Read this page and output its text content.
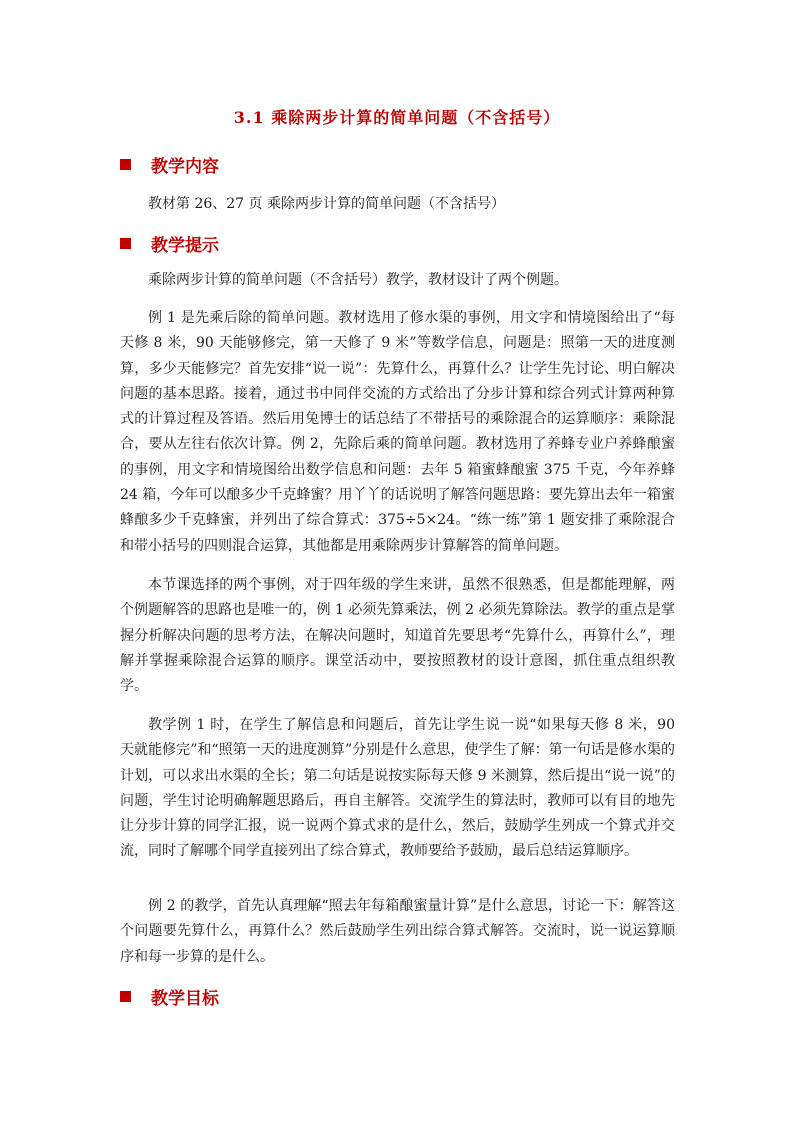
3.1 乘除两步计算的简单问题（不含括号）
教学内容
教材第 26、27 页 乘除两步计算的简单问题（不含括号）
教学提示
乘除两步计算的简单问题（不含括号）教学，教材设计了两个例题。
例 1 是先乘后除的简单问题。教材选用了修水渠的事例，用文字和情境图给出了“每天修 8 米，90 天能够修完，第一天修了 9 米”等数学信息，问题是：照第一天的进度测算，多少天能修完？首先安排“说一说”：先算什么，再算什么？让学生先讨论、明白解决问题的基本思路。接着，通过书中同伴交流的方式给出了分步计算和综合列式计算两种算式的计算过程及答语。然后用兔博士的话总结了不带括号的乘除混合的运算顺序：乘除混合，要从左往右依次计算。例 2，先除后乘的简单问题。教材选用了养蜂专业户养蜂酿蜜的事例，用文字和情境图给出数学信息和问题：去年 5 箱蜜蜂酿蜜 375 千克，今年养蜂 24 箱，今年可以酿多少千克蜂蜜？用丫丫的话说明了解答问题思路：要先算出去年一箱蜜蜂酿多少千克蜂蜜，并列出了综合算式：375÷5×24。“练一练”第 1 题安排了乘除混合和带小括号的四则混合运算，其他都是用乘除两步计算解答的简单问题。
本节课选择的两个事例，对于四年级的学生来讲，虽然不很熟悉，但是都能理解，两个例题解答的思路也是唯一的，例 1 必须先算乘法，例 2 必须先算除法。教学的重点是掌握分析解决问题的思考方法，在解决问题时，知道首先要思考“先算什么，再算什么”，理解并掌握乘除混合运算的顺序。课堂活动中，要按照教材的设计意图，抓住重点组织教学。
教学例 1 时，在学生了解信息和问题后，首先让学生说一说“如果每天修 8 米，90 天就能修完”和“照第一天的进度测算”分别是什么意思，使学生了解：第一句话是修水渠的计划，可以求出水渠的全长；第二句话是说按实际每天修 9 米测算，然后提出“说一说”的问题，学生讨论明确解题思路后，再自主解答。交流学生的算法时，教师可以有目的地先让分步计算的同学汇报，说一说两个算式求的是什么，然后，鼓励学生列成一个算式并交流，同时了解哪个同学直接列出了综合算式，教师要给予鼓励，最后总结运算顺序。
例 2 的教学，首先认真理解“照去年每箱酿蜜量计算”是什么意思，讨论一下：解答这个问题要先算什么，再算什么？然后鼓励学生列出综合算式解答。交流时，说一说运算顺序和每一步算的是什么。
教学目标
